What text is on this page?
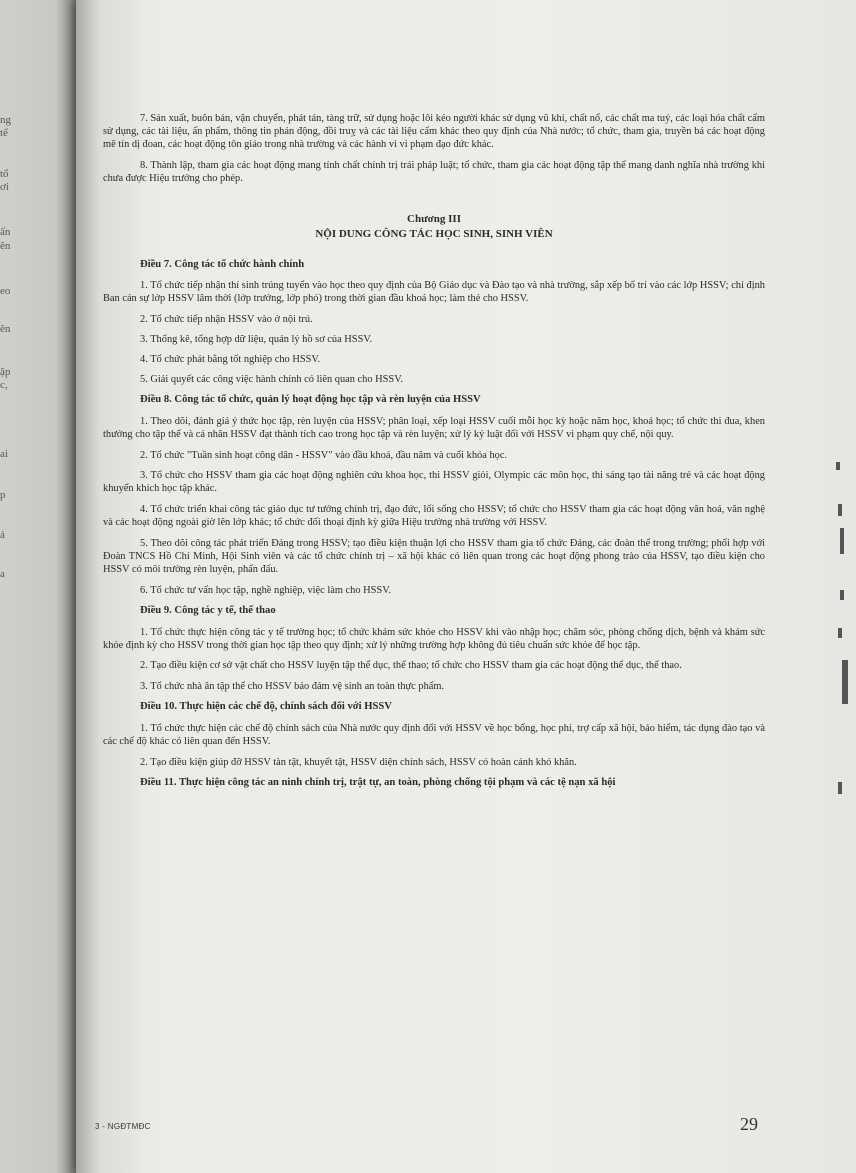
ng
tế
tổ
ơi
ấn
ên
eo
ên
ập
c,
ai
p
á
a

7. Sản xuất, buôn bán, vận chuyển, phát tán, tàng trữ, sử dụng hoặc lôi kéo người khác sử dụng vũ khí, chất nổ, các chất ma tuý, các loại hóa chất cấm sử dụng, các tài liệu, ấn phẩm, thông tin phản động, đồi truỵ và các tài liệu cấm khác theo quy định của Nhà nước; tổ chức, tham gia, truyền bá các hoạt động mê tín dị đoan, các hoạt động tôn giáo trong nhà trường và các hành vi vi phạm đạo đức khác.

8. Thành lập, tham gia các hoạt động mang tính chất chính trị trái pháp luật; tổ chức, tham gia các hoạt động tập thể mang danh nghĩa nhà trường khi chưa được Hiệu trưởng cho phép.

Chương III
NỘI DUNG CÔNG TÁC HỌC SINH, SINH VIÊN
Điều 7. Công tác tổ chức hành chính

1. Tổ chức tiếp nhận thí sinh trúng tuyển vào học theo quy định của Bộ Giáo dục và Đào tạo và nhà trường, sắp xếp bố trí vào các lớp HSSV; chỉ định Ban cán sự lớp HSSV lâm thời (lớp trưởng, lớp phó) trong thời gian đầu khoá học; làm thẻ cho HSSV.

2. Tổ chức tiếp nhận HSSV vào ở nội trú.

3. Thống kê, tổng hợp dữ liệu, quản lý hồ sơ của HSSV.

4. Tổ chức phát bằng tốt nghiệp cho HSSV.

5. Giải quyết các công việc hành chính có liên quan cho HSSV.

Điều 8. Công tác tổ chức, quản lý hoạt động học tập và rèn luyện của HSSV

1. Theo dõi, đánh giá ý thức học tập, rèn luyện của HSSV; phân loại, xếp loại HSSV cuối mỗi học kỳ hoặc năm học, khoá học; tổ chức thi đua, khen thưởng cho tập thể và cá nhân HSSV đạt thành tích cao trong học tập và rèn luyện; xử lý kỷ luật đối với HSSV vi phạm quy chế, nội quy.

2. Tổ chức "Tuần sinh hoạt công dân - HSSV" vào đầu khoá, đầu năm và cuối khóa học.

3. Tổ chức cho HSSV tham gia các hoạt động nghiên cứu khoa học, thi HSSV giỏi, Olympic các môn học, thi sáng tạo tài năng trẻ và các hoạt động khuyến khích học tập khác.

4. Tổ chức triển khai công tác giáo dục tư tưởng chính trị, đạo đức, lối sống cho HSSV; tổ chức cho HSSV tham gia các hoạt động văn hoá, văn nghệ và các hoạt động ngoài giờ lên lớp khác; tổ chức đối thoại định kỳ giữa Hiệu trưởng nhà trường với HSSV.

5. Theo dõi công tác phát triển Đảng trong HSSV; tạo điều kiện thuận lợi cho HSSV tham gia tổ chức Đảng, các đoàn thể trong trường; phối hợp với Đoàn TNCS Hồ Chí Minh, Hội Sinh viên và các tổ chức chính trị – xã hội khác có liên quan trong các hoạt động phong trào của HSSV, tạo điều kiện cho HSSV có môi trường rèn luyện, phấn đấu.

6. Tổ chức tư vấn học tập, nghề nghiệp, việc làm cho HSSV.

Điều 9. Công tác y tế, thể thao

1. Tổ chức thực hiện công tác y tế trường học; tổ chức khám sức khỏe cho HSSV khi vào nhập học; chăm sóc, phòng chống dịch, bệnh và khám sức khỏe định kỳ cho HSSV trong thời gian học tập theo quy định; xử lý những trường hợp không đủ tiêu chuẩn sức khỏe để học tập.

2. Tạo điều kiện cơ sở vật chất cho HSSV luyện tập thể dục, thể thao; tổ chức cho HSSV tham gia các hoạt động thể dục, thể thao.

3. Tổ chức nhà ăn tập thể cho HSSV bảo đảm vệ sinh an toàn thực phẩm.

Điều 10. Thực hiện các chế độ, chính sách đối với HSSV

1. Tổ chức thực hiện các chế độ chính sách của Nhà nước quy định đối với HSSV về học bổng, học phí, trợ cấp xã hội, bảo hiểm, tác dụng đào tạo và các chế độ khác có liên quan đến HSSV.

2. Tạo điều kiện giúp đỡ HSSV tàn tật, khuyết tật, HSSV diện chính sách, HSSV có hoàn cảnh khó khăn.

Điều 11. Thực hiện công tác an ninh chính trị, trật tự, an toàn, phòng chống tội phạm và các tệ nạn xã hội
3 - NGĐTMĐC	29
